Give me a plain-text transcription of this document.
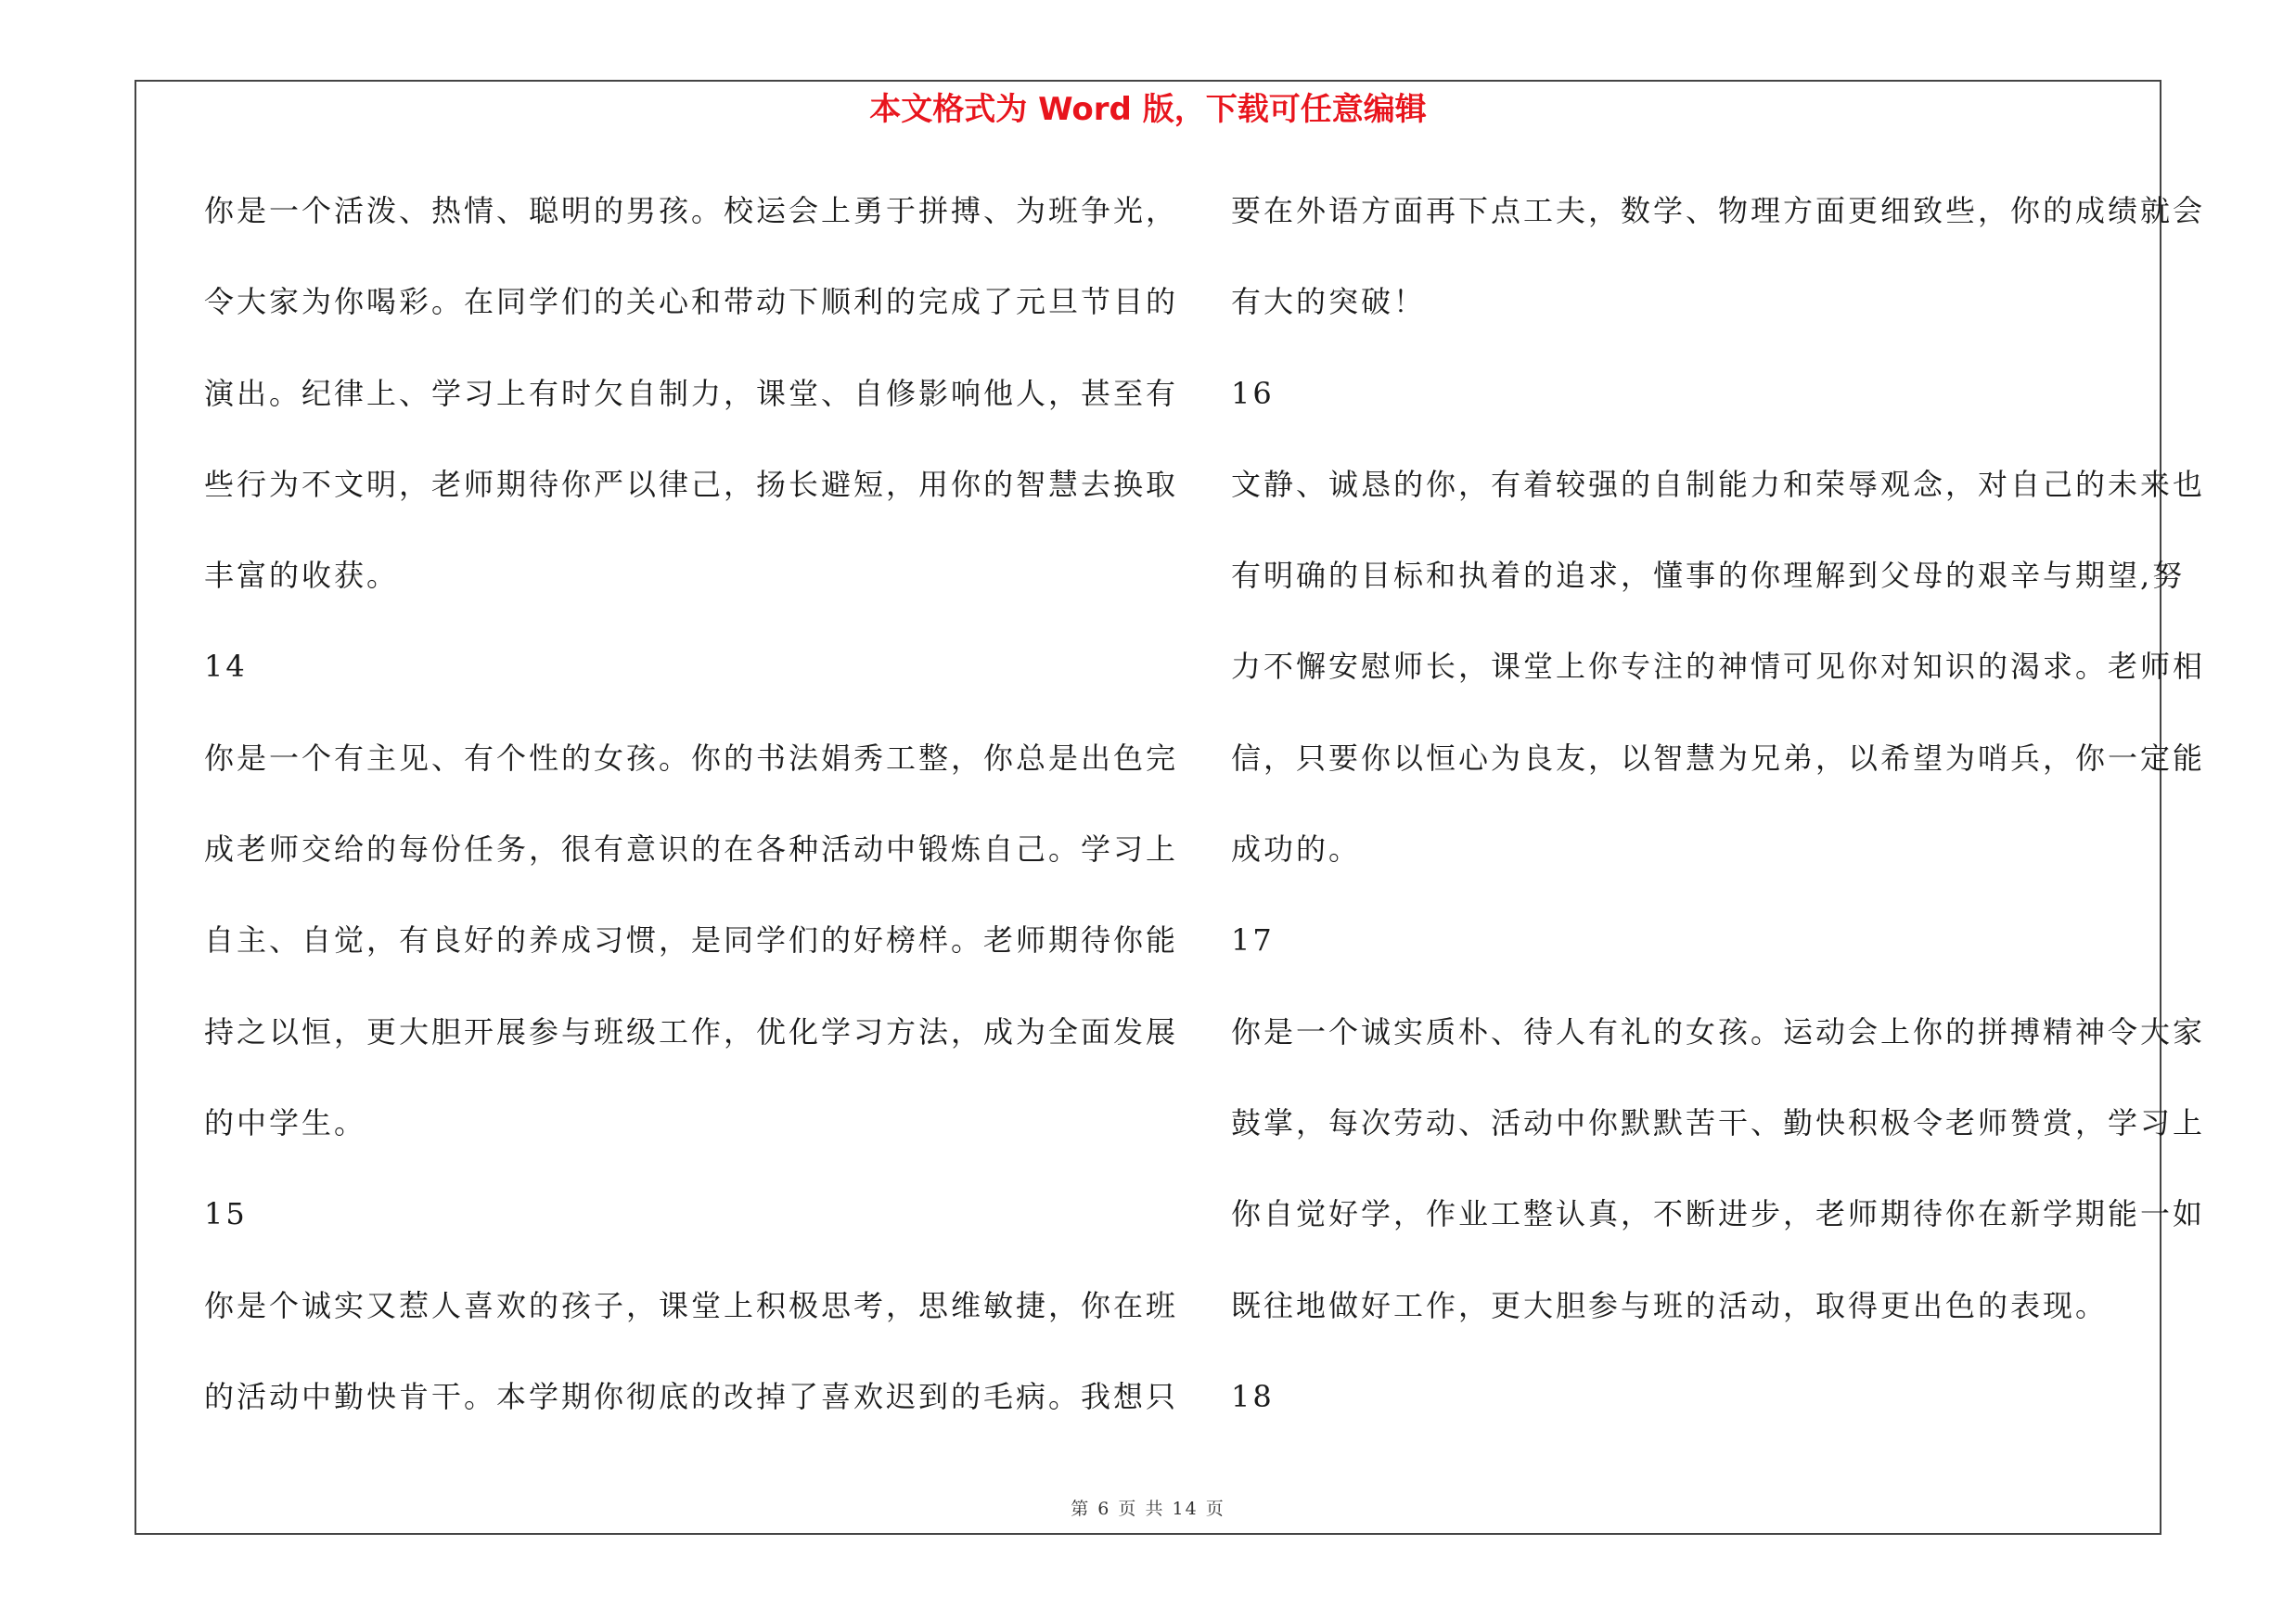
本文格式为 Word 版，下载可任意编辑
你是一个活泼、热情、聪明的男孩。校运会上勇于拼搏、为班争光，
令大家为你喝彩。在同学们的关心和带动下顺利的完成了元旦节目的
演出。纪律上、学习上有时欠自制力，课堂、自修影响他人，甚至有
些行为不文明，老师期待你严以律己，扬长避短，用你的智慧去换取
丰富的收获。
14
你是一个有主见、有个性的女孩。你的书法娟秀工整，你总是出色完
成老师交给的每份任务，很有意识的在各种活动中锻炼自己。学习上
自主、自觉，有良好的养成习惯，是同学们的好榜样。老师期待你能
持之以恒，更大胆开展参与班级工作，优化学习方法，成为全面发展
的中学生。
15
你是个诚实又惹人喜欢的孩子，课堂上积极思考，思维敏捷，你在班
的活动中勤快肯干。本学期你彻底的改掉了喜欢迟到的毛病。我想只
要在外语方面再下点工夫，数学、物理方面更细致些，你的成绩就会
有大的突破！
16
文静、诚恳的你，有着较强的自制能力和荣辱观念，对自己的未来也
有明确的目标和执着的追求，懂事的你理解到父母的艰辛与期望,努
力不懈安慰师长，课堂上你专注的神情可见你对知识的渴求。老师相
信，只要你以恒心为良友，以智慧为兄弟，以希望为哨兵，你一定能
成功的。
17
你是一个诚实质朴、待人有礼的女孩。运动会上你的拼搏精神令大家
鼓掌，每次劳动、活动中你默默苦干、勤快积极令老师赞赏，学习上
你自觉好学，作业工整认真，不断进步，老师期待你在新学期能一如
既往地做好工作，更大胆参与班的活动，取得更出色的表现。
18
第 6 页 共 14 页
